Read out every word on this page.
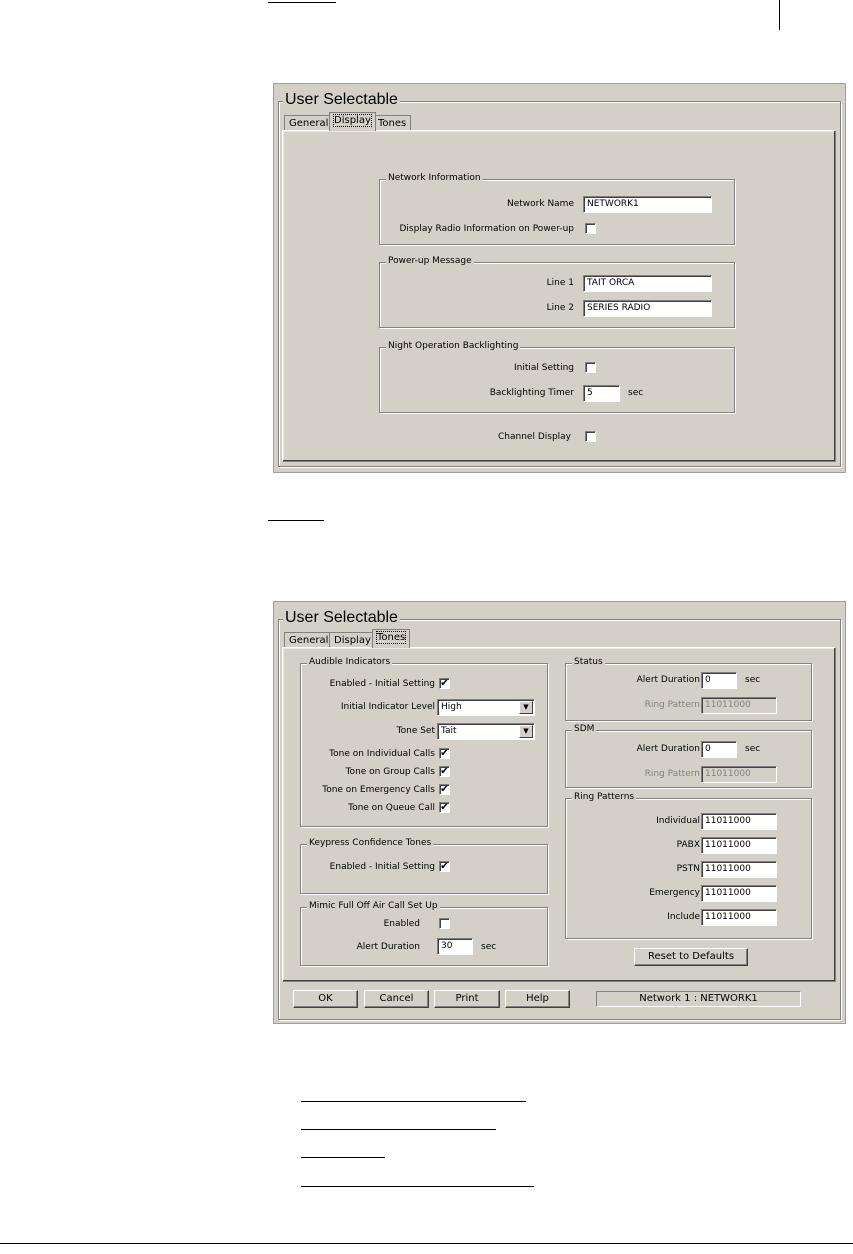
User Selectable
General Display Tones
Network Information
Network Name	NETWORK1
Display Radio Information on Power-up
Power-up Message
Line 1	TAIT ORCA
Line 2	SERIES RADIO
Night Operation Backlighting
Initial Setting
Backlighting Timer	5	sec
Channel Display
User Selectable
General Display Tones
Audible Indicators
Enabled - Initial Setting ✔
Initial Indicator Level High	▼
Tone Set Tait	▼
Tone on Individual Calls ✔
Tone on Group Calls ✔
Tone on Emergency Calls ✔
Tone on Queue Call ✔
Keypress Confidence Tones
Enabled - Initial Setting ✔
Mimic Full Off Air Call Set Up
Enabled
Alert Duration	30	sec
Status
Alert Duration 0	sec
Ring Pattern 11011000
SDM
Alert Duration 0	sec
Ring Pattern 11011000
Ring Patterns
Individual 11011000
PABX 11011000
PSTN 11011000
Emergency 11011000
Include 11011000
Reset to Defaults
OK	Cancel	Print	Help	Network 1 : NETWORK1
